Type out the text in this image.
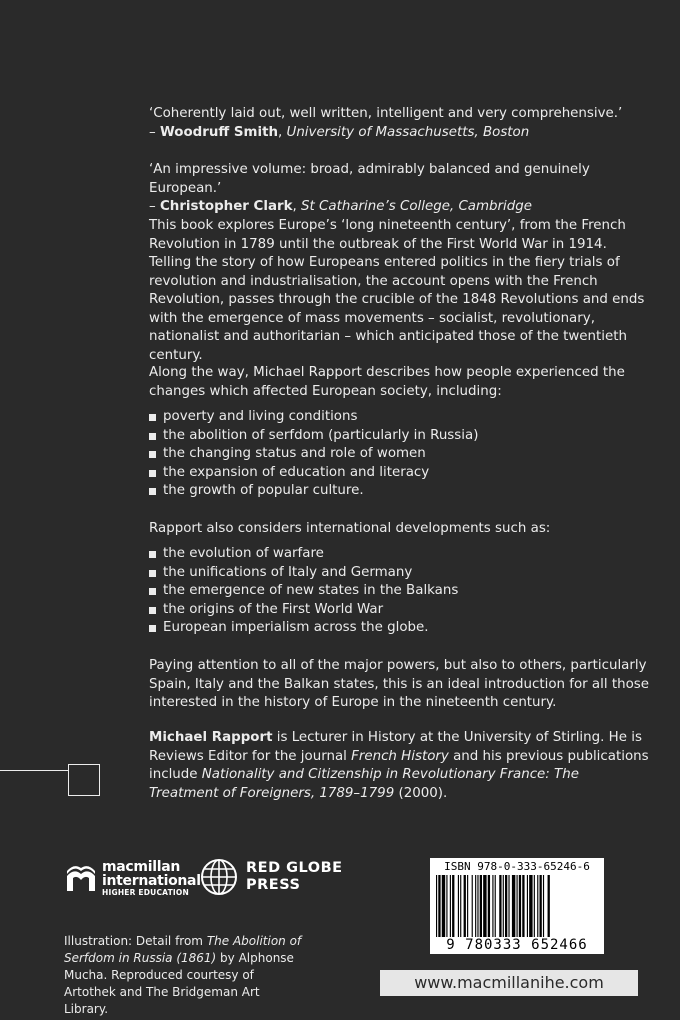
‘Coherently laid out, well written, intelligent and very comprehensive.’
– Woodruff Smith, University of Massachusetts, Boston

‘An impressive volume: broad, admirably balanced and genuinely European.’
– Christopher Clark, St Catharine’s College, Cambridge

This book explores Europe’s ‘long nineteenth century’, from the French Revolution in 1789 until the outbreak of the First World War in 1914. Telling the story of how Europeans entered politics in the fiery trials of revolution and industrialisation, the account opens with the French Revolution, passes through the crucible of the 1848 Revolutions and ends with the emergence of mass movements – socialist, revolutionary, nationalist and authoritarian – which anticipated those of the twentieth century.
Along the way, Michael Rapport describes how people experienced the changes which affected European society, including:
poverty and living conditions
the abolition of serfdom (particularly in Russia)
the changing status and role of women
the expansion of education and literacy
the growth of popular culture.
Rapport also considers international developments such as:
the evolution of warfare
the unifications of Italy and Germany
the emergence of new states in the Balkans
the origins of the First World War
European imperialism across the globe.
Paying attention to all of the major powers, but also to others, particularly Spain, Italy and the Balkan states, this is an ideal introduction for all those interested in the history of Europe in the nineteenth century.
Michael Rapport is Lecturer in History at the University of Stirling. He is Reviews Editor for the journal French History and his previous publications include Nationality and Citizenship in Revolutionary France: The Treatment of Foreigners, 1789–1799 (2000).
macmillan
international
HIGHER EDUCATION
RED GLOBE
PRESS
ISBN 978-0-333-65246-6
9 780333 652466
www.macmillanihe.com
Illustration: Detail from The Abolition of Serfdom in Russia (1861) by Alphonse Mucha. Reproduced courtesy of Artothek and The Bridgeman Art Library.
